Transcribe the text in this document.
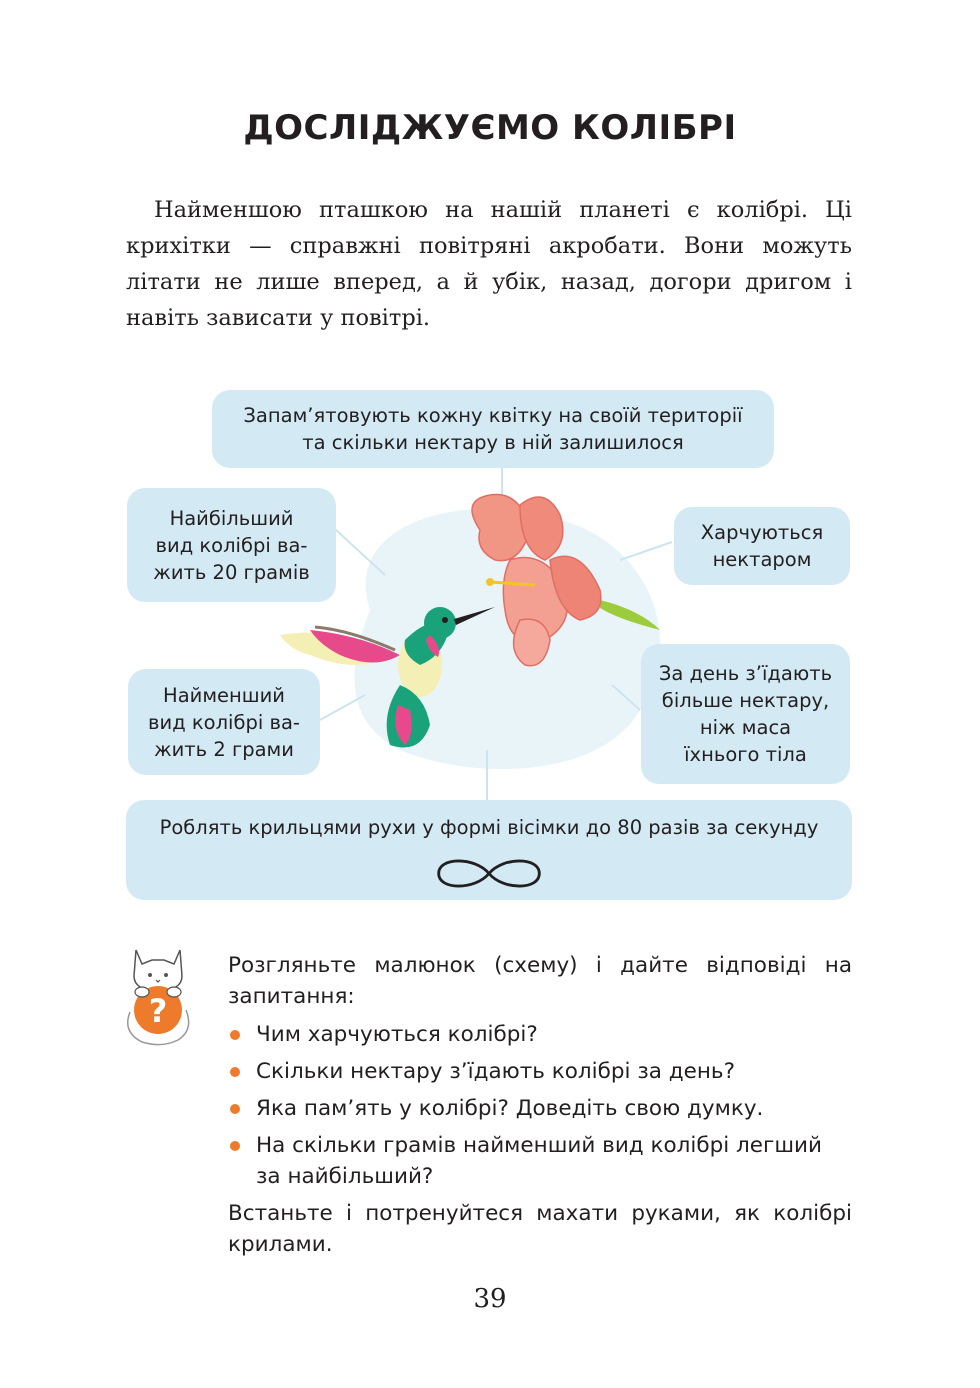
ДОСЛІДЖУЄМО КОЛІБРІ

Найменшою пташкою на нашій планеті є колібрі. Ці крихітки — справжні повітряні акробати. Вони можуть літати не лише вперед, а й убік, назад, догори дригом і навіть зависати у повітрі.

Запам’ятовують кожну квітку на своїй території
та скільки нектару в ній залишилося
Найбільший
вид колібрі ва-
жить 20 грамів
Харчуються
нектаром
Найменший
вид колібрі ва-
жить 2 грами
За день з’їдають
більше нектару,
ніж маса
їхнього тіла
Роблять крильцями рухи у формі вісімки до 80 разів за секунду
?

Розгляньте малюнок (схему) і дайте відповіді на запитання:

Чим харчуються колібрі?
Скільки нектару з’їдають колібрі за день?
Яка пам’ять у колібрі? Доведіть свою думку.
На скільки грамів найменший вид колібрі легший за найбільший?

Встаньте і потренуйтеся махати руками, як колібрі крилами.

39
